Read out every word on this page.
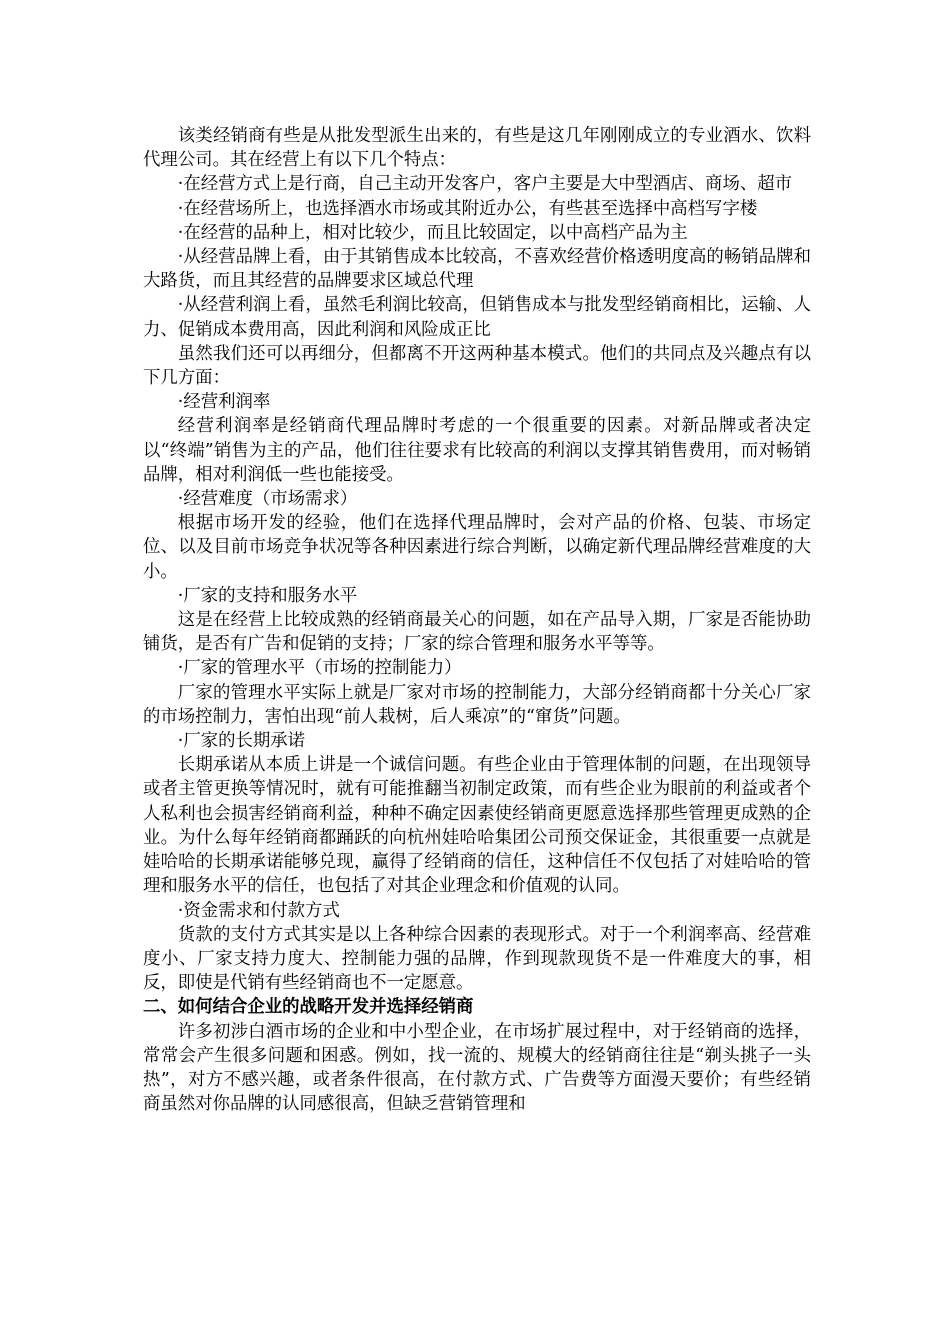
该类经销商有些是从批发型派生出来的，有些是这几年刚刚成立的专业酒水、饮料代理公司。其在经营上有以下几个特点：

·在经营方式上是行商，自己主动开发客户，客户主要是大中型酒店、商场、超市

·在经营场所上，也选择酒水市场或其附近办公，有些甚至选择中高档写字楼

·在经营的品种上，相对比较少，而且比较固定，以中高档产品为主

·从经营品牌上看，由于其销售成本比较高，不喜欢经营价格透明度高的畅销品牌和大路货，而且其经营的品牌要求区域总代理

·从经营利润上看，虽然毛利润比较高，但销售成本与批发型经销商相比，运输、人力、促销成本费用高，因此利润和风险成正比

虽然我们还可以再细分，但都离不开这两种基本模式。他们的共同点及兴趣点有以下几方面：

·经营利润率

经营利润率是经销商代理品牌时考虑的一个很重要的因素。对新品牌或者决定以“终端”销售为主的产品，他们往往要求有比较高的利润以支撑其销售费用，而对畅销品牌，相对利润低一些也能接受。

·经营难度（市场需求）

根据市场开发的经验，他们在选择代理品牌时，会对产品的价格、包装、市场定位、以及目前市场竞争状况等各种因素进行综合判断，以确定新代理品牌经营难度的大小。

·厂家的支持和服务水平

这是在经营上比较成熟的经销商最关心的问题，如在产品导入期，厂家是否能协助铺货，是否有广告和促销的支持；厂家的综合管理和服务水平等等。

·厂家的管理水平（市场的控制能力）

厂家的管理水平实际上就是厂家对市场的控制能力，大部分经销商都十分关心厂家的市场控制力，害怕出现“前人栽树，后人乘凉”的“窜货”问题。

·厂家的长期承诺

长期承诺从本质上讲是一个诚信问题。有些企业由于管理体制的问题，在出现领导或者主管更换等情况时，就有可能推翻当初制定政策，而有些企业为眼前的利益或者个人私利也会损害经销商利益，种种不确定因素使经销商更愿意选择那些管理更成熟的企业。为什么每年经销商都踊跃的向杭州娃哈哈集团公司预交保证金，其很重要一点就是娃哈哈的长期承诺能够兑现，赢得了经销商的信任，这种信任不仅包括了对娃哈哈的管理和服务水平的信任，也包括了对其企业理念和价值观的认同。

·资金需求和付款方式

货款的支付方式其实是以上各种综合因素的表现形式。对于一个利润率高、经营难度小、厂家支持力度大、控制能力强的品牌，作到现款现货不是一件难度大的事，相反，即使是代销有些经销商也不一定愿意。

二、如何结合企业的战略开发并选择经销商

许多初涉白酒市场的企业和中小型企业，在市场扩展过程中，对于经销商的选择，常常会产生很多问题和困惑。例如，找一流的、规模大的经销商往往是“剃头挑子一头热”，对方不感兴趣，或者条件很高，在付款方式、广告费等方面漫天要价；有些经销商虽然对你品牌的认同感很高，但缺乏营销管理和
